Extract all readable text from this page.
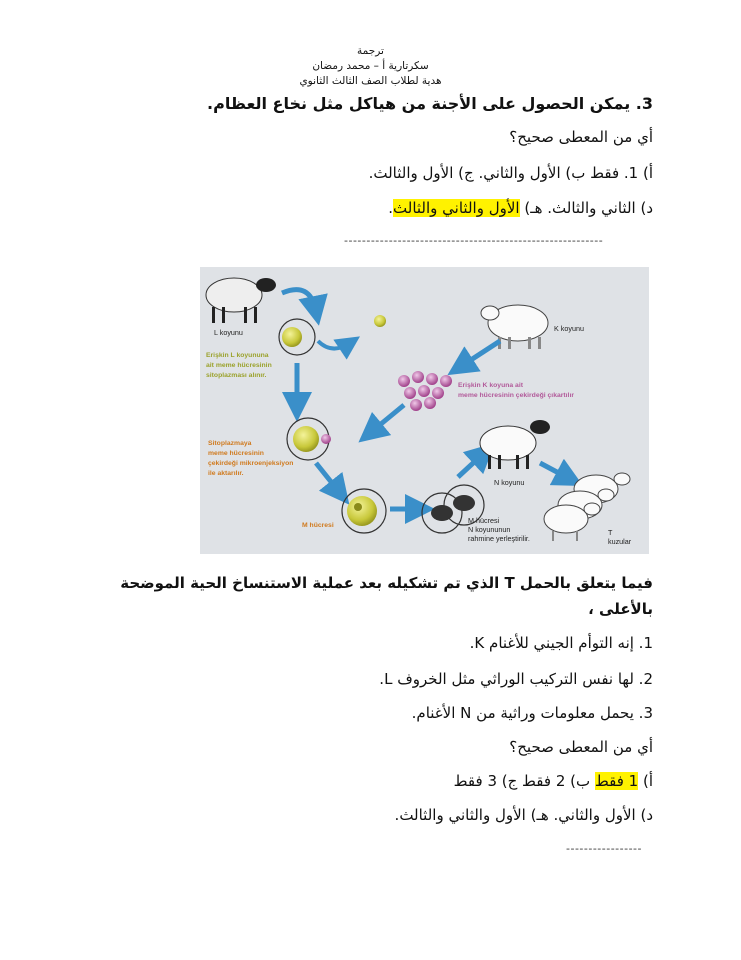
ترجمة
سكرتارية أ – محمد رمضان
هدية لطلاب الصف الثالث الثانوي
3. يمكن الحصول على الأجنة من هياكل مثل نخاع العظام.
أي من المعطى صحيح؟
أ) 1. فقط ب) الأول والثاني. ج) الأول والثالث.
د) الثاني والثالث. هـ) الأول والثاني والثالث.
----------------------------------------------------------
L koyunu
Erişkin L koyununa
ait meme hücresinin
sitoplazması alınır.
K koyunu
Erişkin K koyuna ait
meme hücresinin çekirdeği çıkartılır
Sitoplazmaya
meme hücresinin
çekirdeği mikroenjeksiyon
ile aktarılır.
M hücresi
N koyunu
T
kuzular
M hücresi
N koyununun
rahmine yerleştirilir.
فيما يتعلق بالحمل T الذي تم تشكيله بعد عملية الاستنساخ الحية الموضحة
بالأعلى ،
1. إنه التوأم الجيني للأغنام K.
2. لها نفس التركيب الوراثي مثل الخروف L.
3. يحمل معلومات وراثية من N الأغنام.
أي من المعطى صحيح؟
أ) 1 فقط ب) 2 فقط ج) 3 فقط
د) الأول والثاني. هـ) الأول والثاني والثالث.
-----------------
